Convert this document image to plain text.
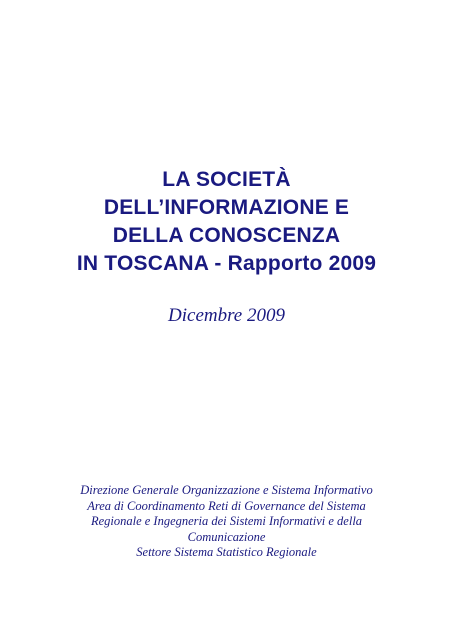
LA SOCIETÀ
DELL’INFORMAZIONE E
DELLA CONOSCENZA
IN TOSCANA - Rapporto 2009
Dicembre 2009
Direzione Generale Organizzazione e Sistema Informativo
Area di Coordinamento Reti di Governance del Sistema
Regionale e Ingegneria dei Sistemi Informativi e della
Comunicazione
Settore Sistema Statistico Regionale
